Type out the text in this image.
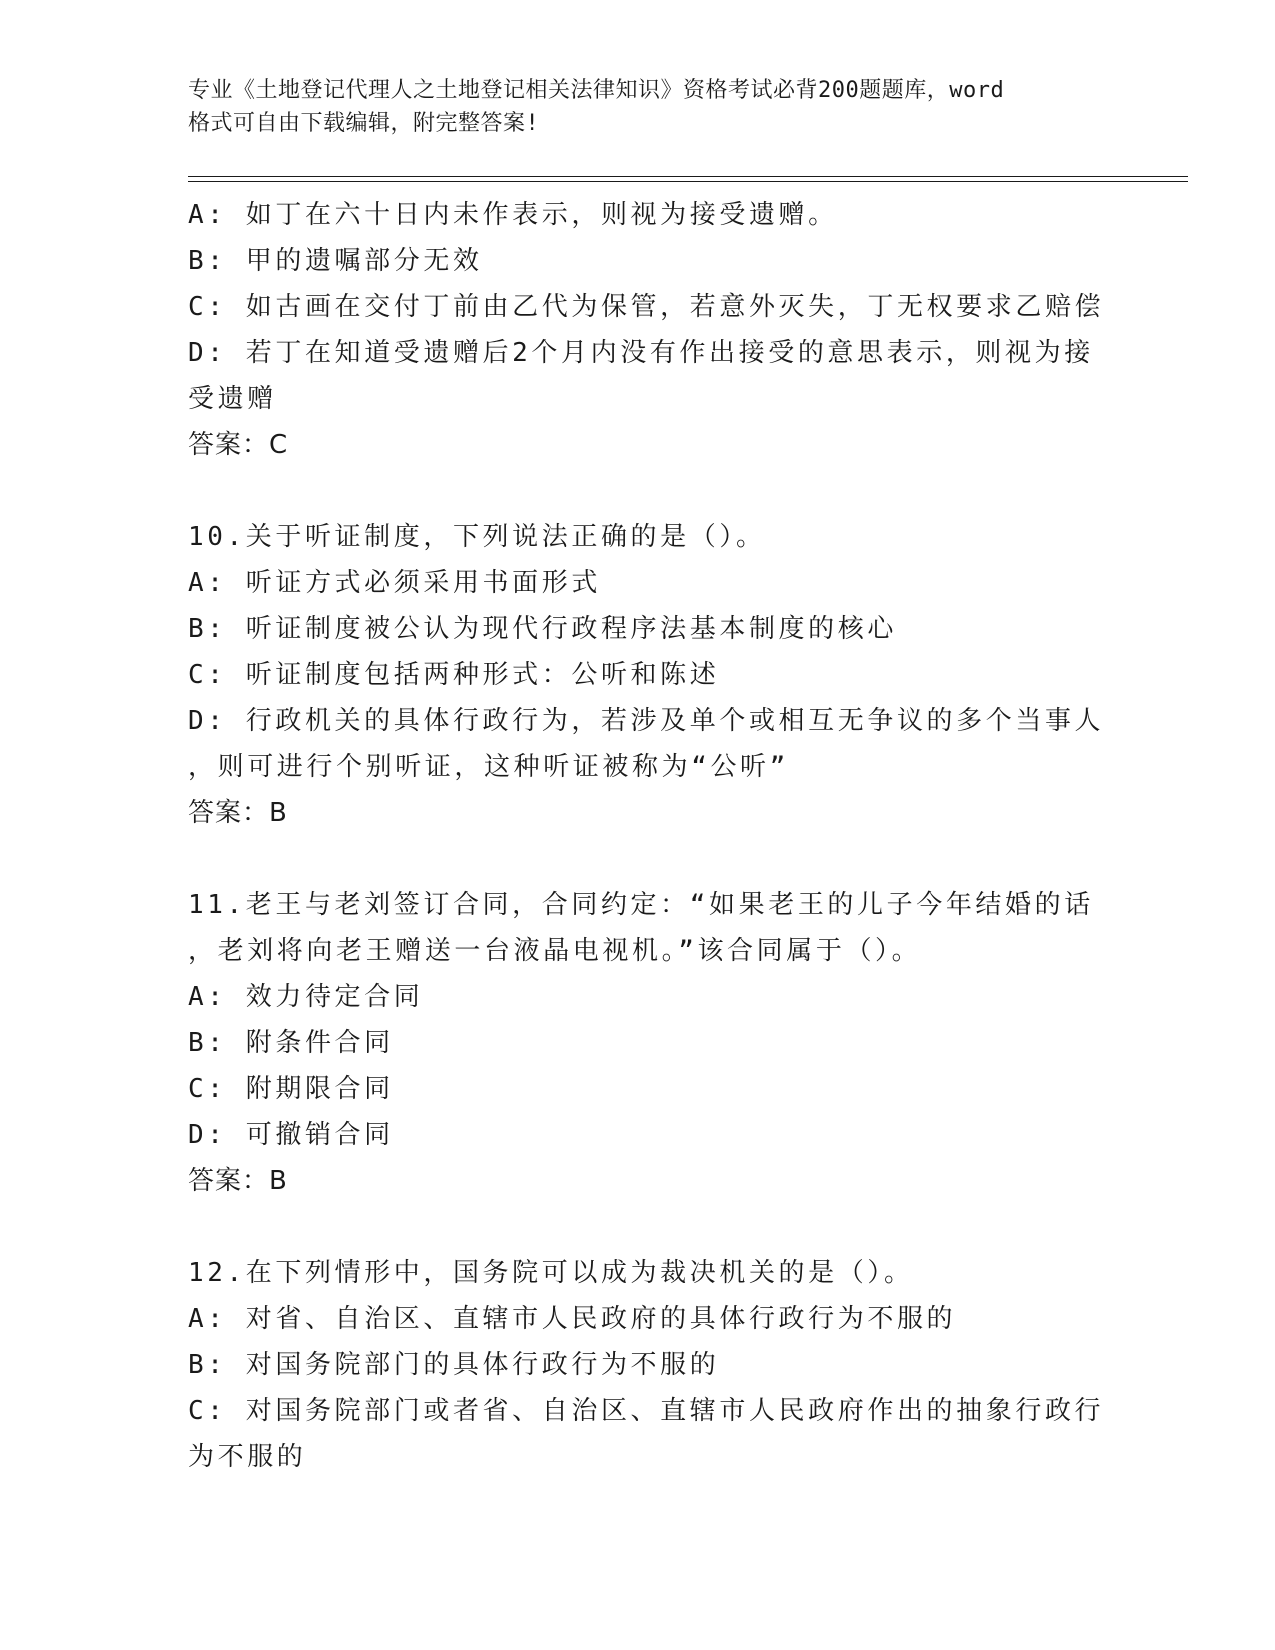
专业《土地登记代理人之土地登记相关法律知识》资格考试必背200题题库，word
格式可自由下载编辑，附完整答案!
A: 如丁在六十日内未作表示，则视为接受遗赠。
B: 甲的遗嘱部分无效
C: 如古画在交付丁前由乙代为保管，若意外灭失，丁无权要求乙赔偿
D: 若丁在知道受遗赠后2个月内没有作出接受的意思表示，则视为接
受遗赠
答案：C
10.关于听证制度，下列说法正确的是（）。
A: 听证方式必须采用书面形式
B: 听证制度被公认为现代行政程序法基本制度的核心
C: 听证制度包括两种形式：公听和陈述
D: 行政机关的具体行政行为，若涉及单个或相互无争议的多个当事人
，则可进行个别听证，这种听证被称为“公听”
答案：B
11.老王与老刘签订合同，合同约定：“如果老王的儿子今年结婚的话
，老刘将向老王赠送一台液晶电视机。”该合同属于（）。
A: 效力待定合同
B: 附条件合同
C: 附期限合同
D: 可撤销合同
答案：B
12.在下列情形中，国务院可以成为裁决机关的是（）。
A: 对省、自治区、直辖市人民政府的具体行政行为不服的
B: 对国务院部门的具体行政行为不服的
C: 对国务院部门或者省、自治区、直辖市人民政府作出的抽象行政行
为不服的
